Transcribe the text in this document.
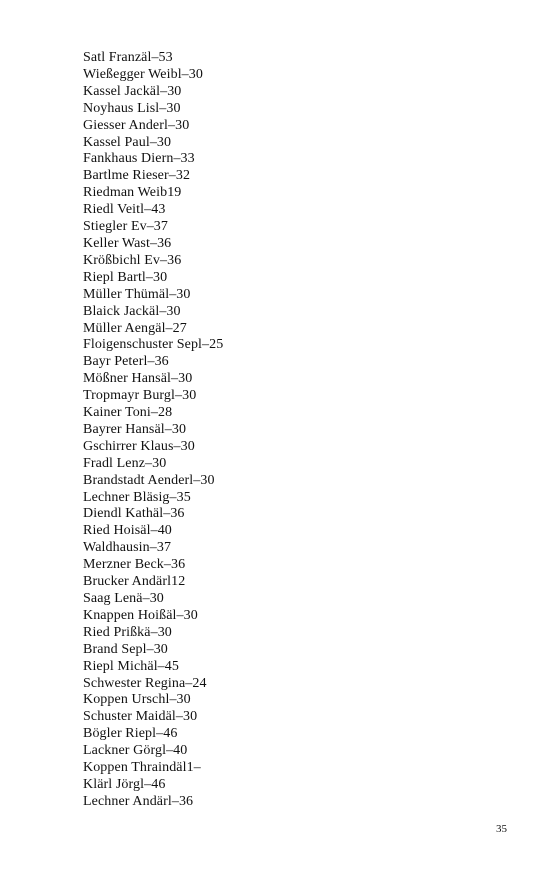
Satl Franzäl–53
Wießegger Weibl–30
Kassel Jackäl–30
Noyhaus Lisl–30
Giesser Anderl–30
Kassel Paul–30
Fankhaus Diern–33
Bartlme Rieser–32
Riedman Weib19
Riedl Veitl–43
Stiegler Ev–37
Keller Wast–36
Krößbichl Ev–36
Riepl Bartl–30
Müller Thümäl–30
Blaick Jackäl–30
Müller Aengäl–27
Floigenschuster Sepl–25
Bayr Peterl–36
Mößner Hansäl–30
Tropmayr Burgl–30
Kainer Toni–28
Bayrer Hansäl–30
Gschirrer Klaus–30
Fradl Lenz–30
Brandstadt Aenderl–30
Lechner Bläsig–35
Diendl Kathäl–36
Ried Hoisäl–40
Waldhausin–37
Merzner Beck–36
Brucker Andärl12
Saag Lenä–30
Knappen Hoißäl–30
Ried Prißkä–30
Brand Sepl–30
Riepl Michäl–45
Schwester Regina–24
Koppen Urschl–30
Schuster Maidäl–30
Bögler Riepl–46
Lackner Görgl–40
Koppen Thraindäl1–
Klärl Jörgl–46
Lechner Andärl–36
35
